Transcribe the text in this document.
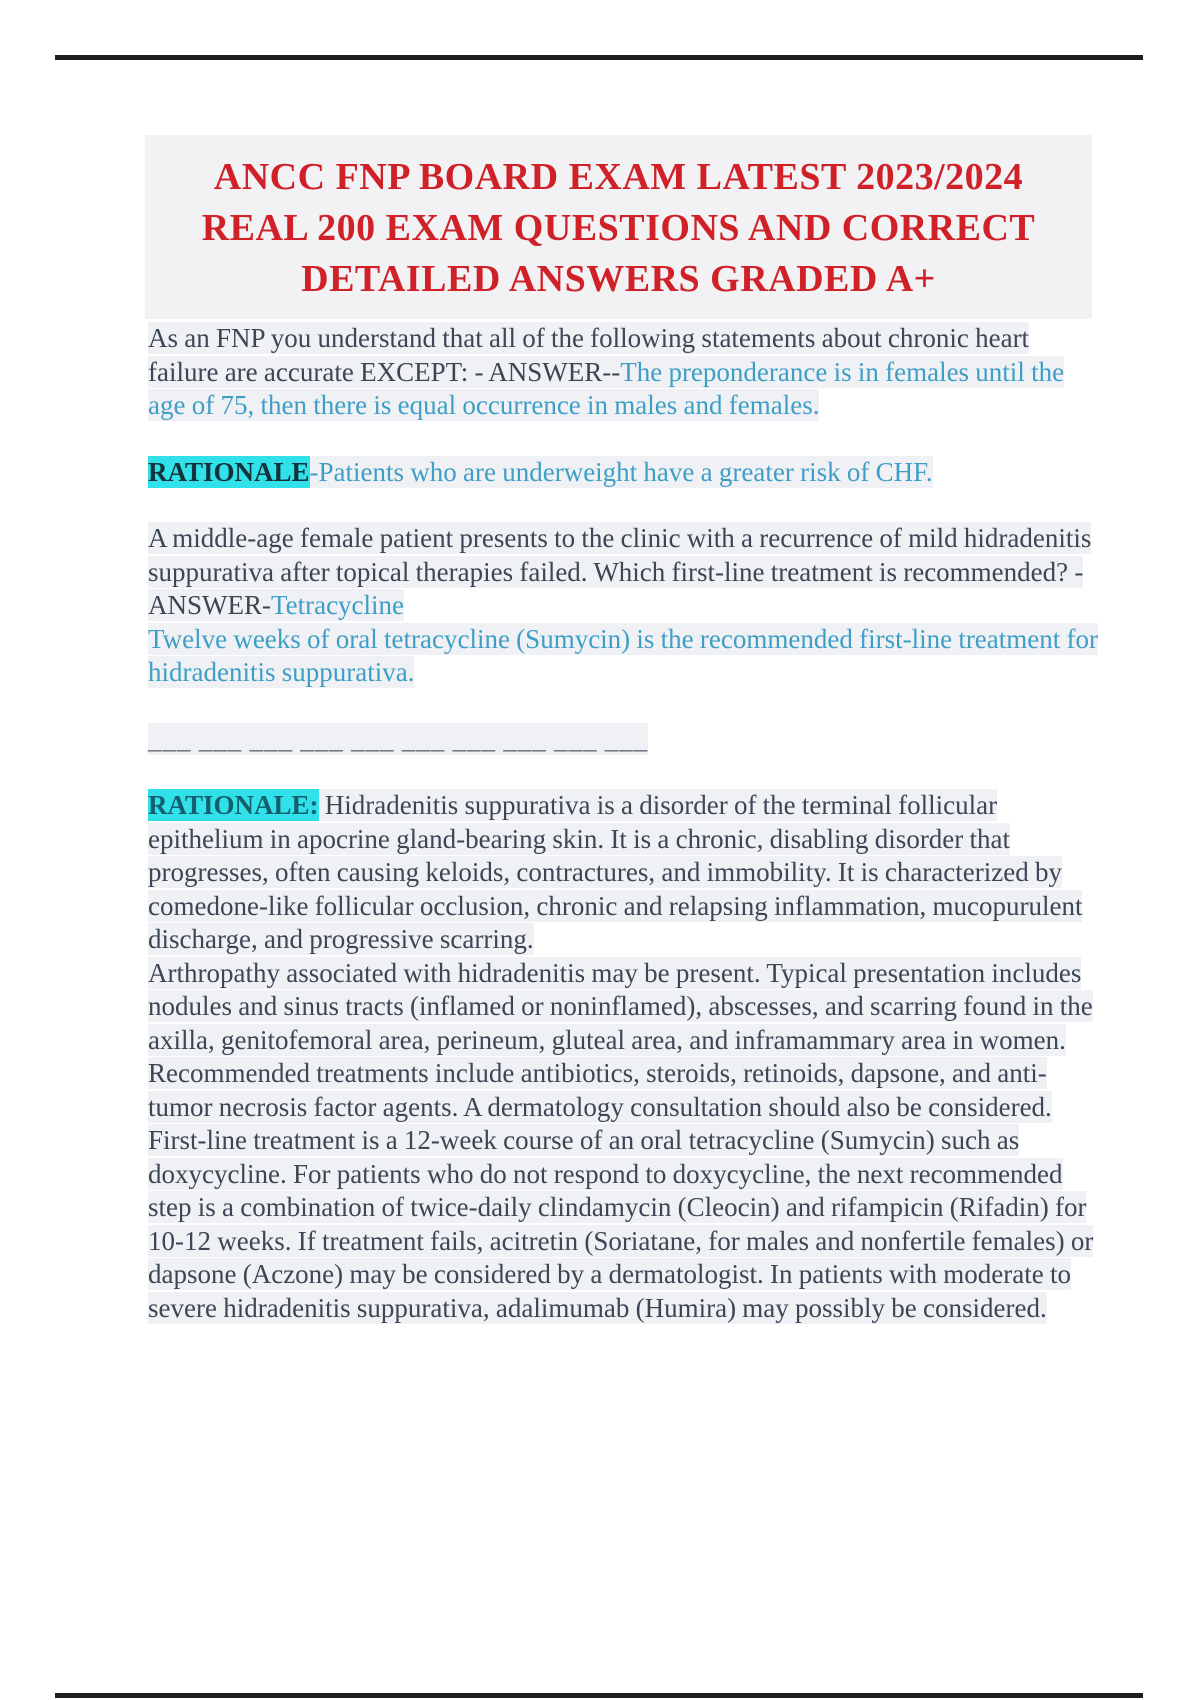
ANCC FNP BOARD EXAM LATEST 2023/2024
REAL 200 EXAM QUESTIONS AND CORRECT
DETAILED ANSWERS GRADED A+
As an FNP you understand that all of the following statements about chronic heart failure are accurate EXCEPT: - ANSWER--The preponderance is in females until the age of 75, then there is equal occurrence in males and females.
RATIONALE-Patients who are underweight have a greater risk of CHF.
A middle-age female patient presents to the clinic with a recurrence of mild hidradenitis suppurativa after topical therapies failed. Which first-line treatment is recommended? - ANSWER-Tetracycline
Twelve weeks of oral tetracycline (Sumycin) is the recommended first-line treatment for hidradenitis suppurativa.
___ ___ ___ ___ ___ ___ ___ ___ ___ ___
RATIONALE: Hidradenitis suppurativa is a disorder of the terminal follicular epithelium in apocrine gland-bearing skin. It is a chronic, disabling disorder that progresses, often causing keloids, contractures, and immobility. It is characterized by comedone-like follicular occlusion, chronic and relapsing inflammation, mucopurulent discharge, and progressive scarring.
Arthropathy associated with hidradenitis may be present. Typical presentation includes nodules and sinus tracts (inflamed or noninflamed), abscesses, and scarring found in the axilla, genitofemoral area, perineum, gluteal area, and inframammary area in women.
Recommended treatments include antibiotics, steroids, retinoids, dapsone, and anti-tumor necrosis factor agents. A dermatology consultation should also be considered.
First-line treatment is a 12-week course of an oral tetracycline (Sumycin) such as doxycycline. For patients who do not respond to doxycycline, the next recommended step is a combination of twice-daily clindamycin (Cleocin) and rifampicin (Rifadin) for 10-12 weeks. If treatment fails, acitretin (Soriatane, for males and nonfertile females) or dapsone (Aczone) may be considered by a dermatologist. In patients with moderate to severe hidradenitis suppurativa, adalimumab (Humira) may possibly be considered.
